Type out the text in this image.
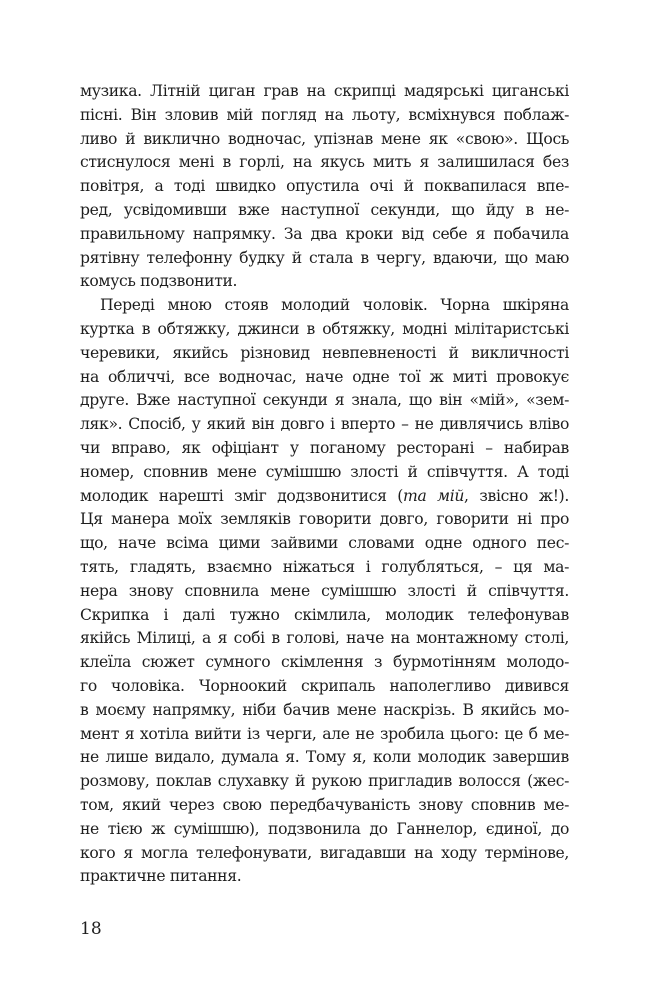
музика. Літній циган грав на скрипці мадярські циганські
пісні. Він зловив мій погляд на льоту, всміхнувся поблаж-
ливо й виклично водночас, упізнав мене як «свою». Щось
стиснулося мені в горлі, на якусь мить я залишилася без
повітря, а тоді швидко опустила очі й поквапилася впе-
ред, усвідомивши вже наступної секунди, що йду в не-
правильному напрямку. За два кроки від себе я побачила
рятівну телефонну будку й стала в чергу, вдаючи, що маю
комусь подзвонити.
Переді мною стояв молодий чоловік. Чорна шкіряна
куртка в обтяжку, джинси в обтяжку, модні мілітаристські
черевики, якийсь різновид невпевненості й викличності
на обличчі, все водночас, наче одне тої ж миті провокує
друге. Вже наступної секунди я знала, що він «мій», «зем-
ляк». Спосіб, у який він довго і вперто – не дивлячись вліво
чи вправо, як офіціант у поганому ресторані – набирав
номер, сповнив мене сумішшю злості й співчуття. А тоді
молодик нарешті зміг додзвонитися (та мій, звісно ж!).
Ця манера моїх земляків говорити довго, говорити ні про
що, наче всіма цими зайвими словами одне одного пес-
тять, гладять, взаємно ніжаться і голубляться, – ця ма-
нера знову сповнила мене сумішшю злості й співчуття.
Скрипка і далі тужно скімлила, молодик телефонував
якійсь Мілиці, а я собі в голові, наче на монтажному столі,
клеїла сюжет сумного скімлення з бурмотінням молодо-
го чоловіка. Чорноокий скрипаль наполегливо дивився
в моєму напрямку, ніби бачив мене наскрізь. В якийсь мо-
мент я хотіла вийти із черги, але не зробила цього: це б ме-
не лише видало, думала я. Тому я, коли молодик завершив
розмову, поклав слухавку й рукою пригладив волосся (жес-
том, який через свою передбачуваність знову сповнив ме-
не тією ж сумішшю), подзвонила до Ганнелор, єдиної, до
кого я могла телефонувати, вигадавши на ходу термінове,
практичне питання.
18
